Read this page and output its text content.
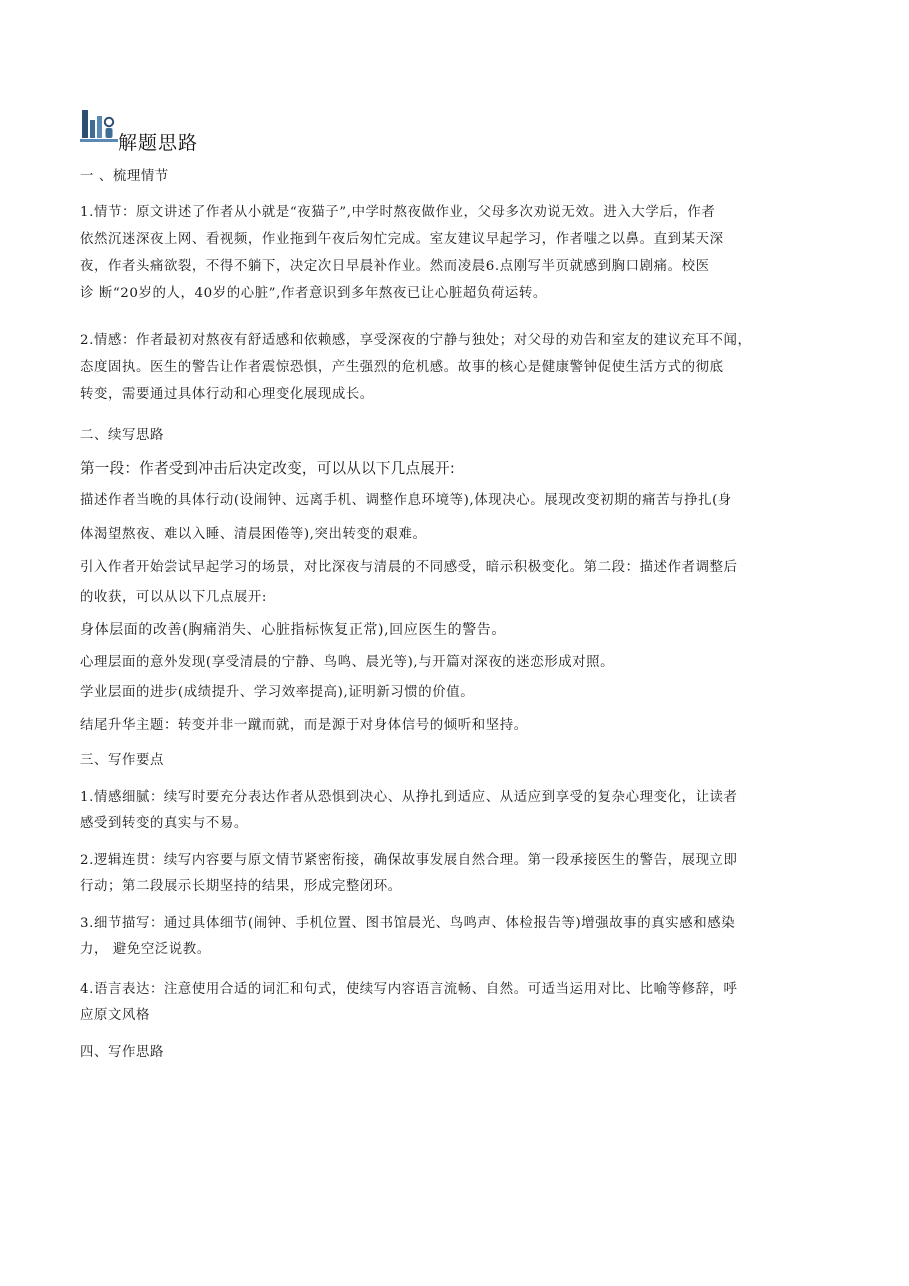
解题思路
一 、梳理情节
1.情节：原文讲述了作者从小就是“夜猫子”,中学时熬夜做作业，父母多次劝说无效。进入大学后，作者
依然沉迷深夜上网、看视频，作业拖到午夜后匆忙完成。室友建议早起学习，作者嗤之以鼻。直到某天深
夜，作者头痛欲裂，不得不躺下，决定次日早晨补作业。然而凌晨6.点刚写半页就感到胸口剧痛。校医
诊 断“20岁的人，40岁的心脏”,作者意识到多年熬夜已让心脏超负荷运转。
2.情感：作者最初对熬夜有舒适感和依赖感，享受深夜的宁静与独处；对父母的劝告和室友的建议充耳不闻，
态度固执。医生的警告让作者震惊恐惧，产生强烈的危机感。故事的核心是健康警钟促使生活方式的彻底
转变，需要通过具体行动和心理变化展现成长。
二、续写思路
第一段：作者受到冲击后决定改变，可以从以下几点展开:
描述作者当晚的具体行动(设闹钟、远离手机、调整作息环境等),体现决心。展现改变初期的痛苦与挣扎(身
体渴望熬夜、难以入睡、清晨困倦等),突出转变的艰难。
引入作者开始尝试早起学习的场景，对比深夜与清晨的不同感受，暗示积极变化。第二段：描述作者调整后
的收获，可以从以下几点展开:
身体层面的改善(胸痛消失、心脏指标恢复正常),回应医生的警告。
心理层面的意外发现(享受清晨的宁静、鸟鸣、晨光等),与开篇对深夜的迷恋形成对照。
学业层面的进步(成绩提升、学习效率提高),证明新习惯的价值。
结尾升华主题：转变并非一蹴而就，而是源于对身体信号的倾听和坚持。
三、写作要点
1.情感细腻：续写时要充分表达作者从恐惧到决心、从挣扎到适应、从适应到享受的复杂心理变化，让读者
感受到转变的真实与不易。
2.逻辑连贯：续写内容要与原文情节紧密衔接，确保故事发展自然合理。第一段承接医生的警告，展现立即
行动；第二段展示长期坚持的结果，形成完整闭环。
3.细节描写：通过具体细节(闹钟、手机位置、图书馆晨光、鸟鸣声、体检报告等)增强故事的真实感和感染
力， 避免空泛说教。
4.语言表达：注意使用合适的词汇和句式，使续写内容语言流畅、自然。可适当运用对比、比喻等修辞，呼
应原文风格
四、写作思路
